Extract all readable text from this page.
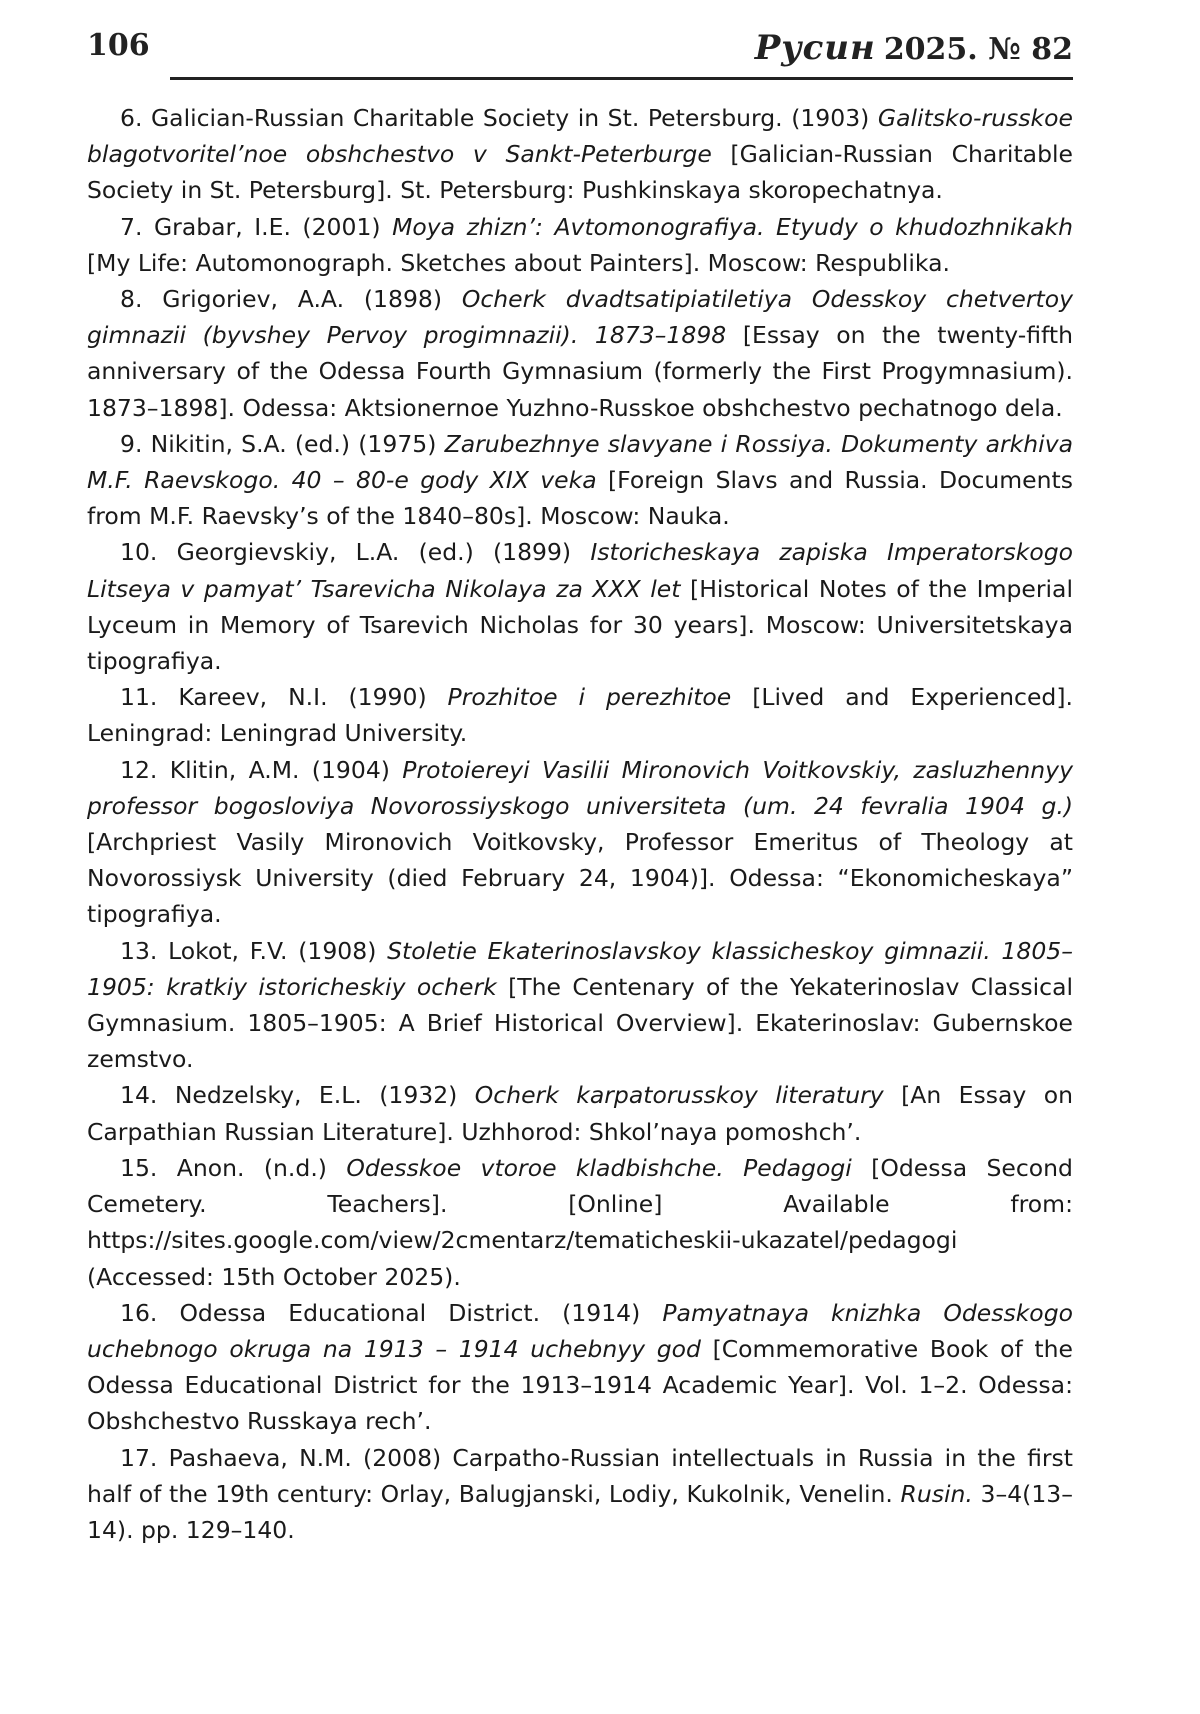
106	Русин 2025. № 82

6. Galician-Russian Charitable Society in St. Petersburg. (1903) Galitsko-russkoe blagotvoritel’noe obshchestvo v Sankt-Peterburge [Galician-Russian Charitable Society in St. Petersburg]. St. Petersburg: Pushkinskaya skoropechatnya.

7. Grabar, I.E. (2001) Moya zhizn’: Avtomonografiya. Etyudy o khudozhnikakh [My Life: Automonograph. Sketches about Painters]. Moscow: Respublika.

8. Grigoriev, A.A. (1898) Ocherk dvadtsatipiatiletiya Odesskoy chetvertoy gimnazii (byvshey Pervoy progimnazii). 1873–1898 [Essay on the twenty-fifth anniversary of the Odessa Fourth Gymnasium (formerly the First Progymnasium). 1873–1898]. Odessa: Aktsionernoe Yuzhno-Russkoe obshchestvo pechatnogo dela.

9. Nikitin, S.A. (ed.) (1975) Zarubezhnye slavyane i Rossiya. Dokumenty arkhiva M.F. Raevskogo. 40 – 80-e gody XIX veka [Foreign Slavs and Russia. Documents from M.F. Raevsky’s of the 1840–80s]. Moscow: Nauka.

10. Georgievskiy, L.A. (ed.) (1899) Istoricheskaya zapiska Imperatorskogo Litseya v pamyat’ Tsarevicha Nikolaya za XXX let [Historical Notes of the Imperial Lyceum in Memory of Tsarevich Nicholas for 30 years]. Moscow: Universitetskaya tipografiya.

11. Kareev, N.I. (1990) Prozhitoe i perezhitoe [Lived and Experienced]. Leningrad: Leningrad University.

12. Klitin, A.M. (1904) Protoiereyi Vasilii Mironovich Voitkovskiy, zasluzhennyy professor bogosloviya Novorossiyskogo universiteta (um. 24 fevralia 1904 g.) [Archpriest Vasily Mironovich Voitkovsky, Professor Emeritus of Theology at Novorossiysk University (died February 24, 1904)]. Odessa: “Ekonomicheskaya” tipografiya.

13. Lokot, F.V. (1908) Stoletie Ekaterinoslavskoy klassicheskoy gimnazii. 1805–1905: kratkiy istoricheskiy ocherk [The Centenary of the Yekaterinoslav Classical Gymnasium. 1805–1905: A Brief Historical Overview]. Ekaterinoslav: Gubernskoe zemstvo.

14. Nedzelsky, E.L. (1932) Ocherk karpatorusskoy literatury [An Essay on Carpathian Russian Literature]. Uzhhorod: Shkol’naya pomoshch’.

15. Anon. (n.d.) Odesskoe vtoroe kladbishche. Pedagogi [Odessa Second Cemetery. Teachers]. [Online] Available from: https://sites.google.com/view/2cmentarz/tematicheskii-ukazatel/pedagogi (Accessed: 15th October 2025).

16. Odessa Educational District. (1914) Pamyatnaya knizhka Odesskogo uchebnogo okruga na 1913 – 1914 uchebnyy god [Commemorative Book of the Odessa Educational District for the 1913–1914 Academic Year]. Vol. 1–2. Odessa: Obshchestvo Russkaya rech’.

17. Pashaeva, N.M. (2008) Carpatho-Russian intellectuals in Russia in the first half of the 19th century: Orlay, Balugjanski, Lodiy, Kukolnik, Venelin. Rusin. 3–4(13–14). pp. 129–140.
